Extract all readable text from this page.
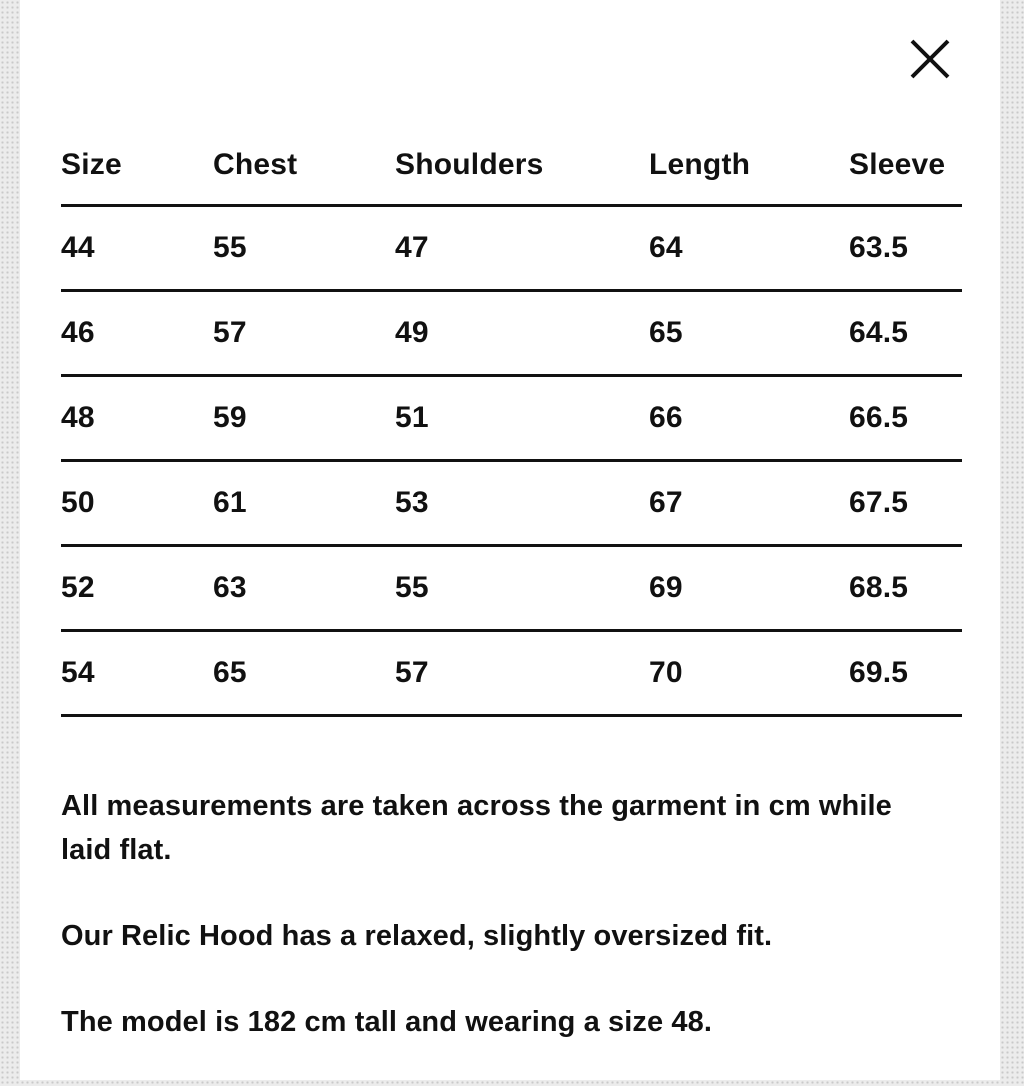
Size	Chest	Shoulders	Length	Sleeve
44	55	47	64	63.5
46	57	49	65	64.5
48	59	51	66	66.5
50	61	53	67	67.5
52	63	55	69	68.5
54	65	57	70	69.5

All measurements are taken across the garment in cm while laid flat.

Our Relic Hood has a relaxed, slightly oversized fit.

The model is 182 cm tall and wearing a size 48.
